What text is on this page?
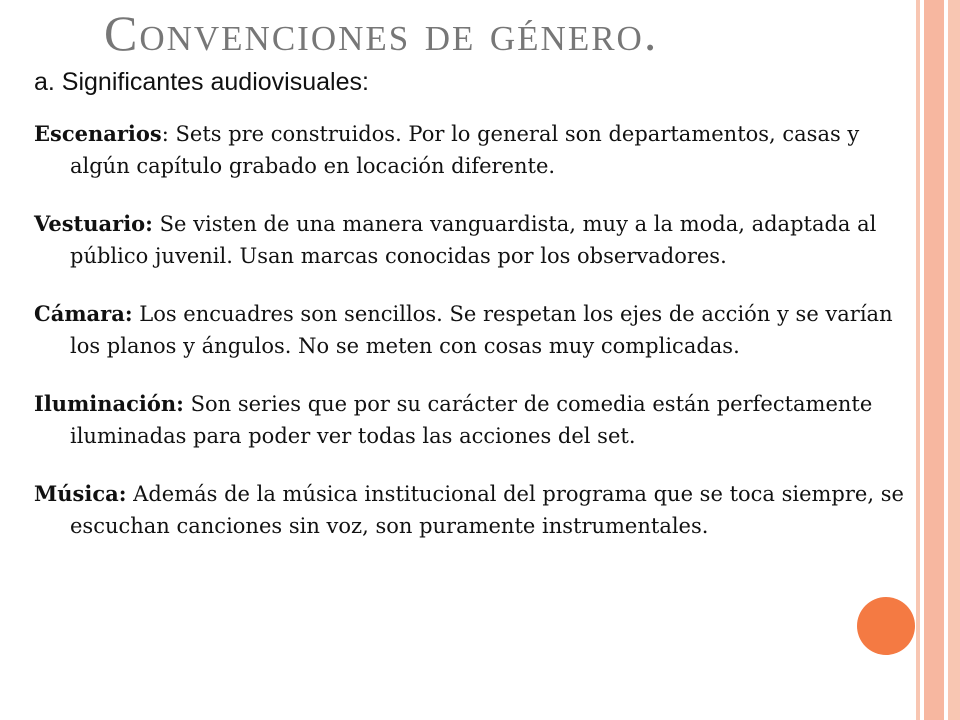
Convenciones de género.

a. Significantes audiovisuales:

Escenarios: Sets pre construidos. Por lo general son departamentos, casas y algún capítulo grabado en locación diferente.

Vestuario: Se visten de una manera vanguardista, muy a la moda, adaptada al público juvenil. Usan marcas conocidas por los observadores.

Cámara: Los encuadres son sencillos. Se respetan los ejes de acción y se varían los planos y ángulos. No se meten con cosas muy complicadas.

Iluminación: Son series que por su carácter de comedia están perfectamente iluminadas para poder ver todas las acciones del set.

Música: Además de la música institucional del programa que se toca siempre, se escuchan canciones sin voz, son puramente instrumentales.
